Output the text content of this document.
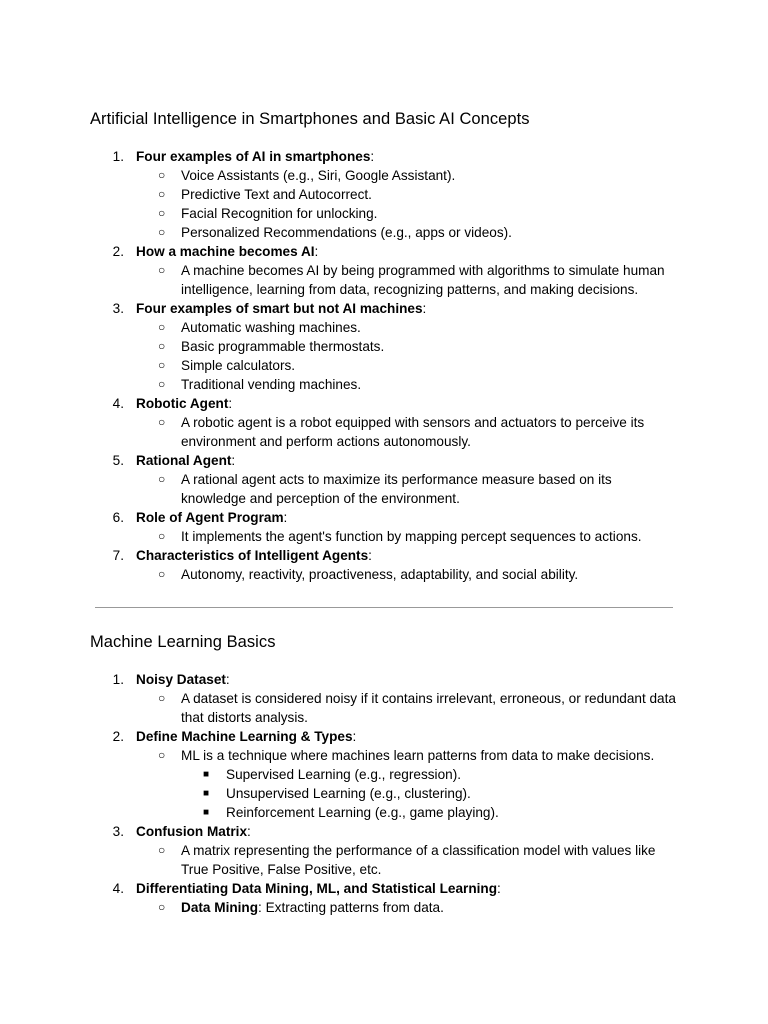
Artificial Intelligence in Smartphones and Basic AI Concepts
1. Four examples of AI in smartphones:
○ Voice Assistants (e.g., Siri, Google Assistant).
○ Predictive Text and Autocorrect.
○ Facial Recognition for unlocking.
○ Personalized Recommendations (e.g., apps or videos).
2. How a machine becomes AI:
○ A machine becomes AI by being programmed with algorithms to simulate human intelligence, learning from data, recognizing patterns, and making decisions.
3. Four examples of smart but not AI machines:
○ Automatic washing machines.
○ Basic programmable thermostats.
○ Simple calculators.
○ Traditional vending machines.
4. Robotic Agent:
○ A robotic agent is a robot equipped with sensors and actuators to perceive its environment and perform actions autonomously.
5. Rational Agent:
○ A rational agent acts to maximize its performance measure based on its knowledge and perception of the environment.
6. Role of Agent Program:
○ It implements the agent's function by mapping percept sequences to actions.
7. Characteristics of Intelligent Agents:
○ Autonomy, reactivity, proactiveness, adaptability, and social ability.
Machine Learning Basics
1. Noisy Dataset:
○ A dataset is considered noisy if it contains irrelevant, erroneous, or redundant data that distorts analysis.
2. Define Machine Learning & Types:
○ ML is a technique where machines learn patterns from data to make decisions.
■ Supervised Learning (e.g., regression).
■ Unsupervised Learning (e.g., clustering).
■ Reinforcement Learning (e.g., game playing).
3. Confusion Matrix:
○ A matrix representing the performance of a classification model with values like True Positive, False Positive, etc.
4. Differentiating Data Mining, ML, and Statistical Learning:
○ Data Mining: Extracting patterns from data.
